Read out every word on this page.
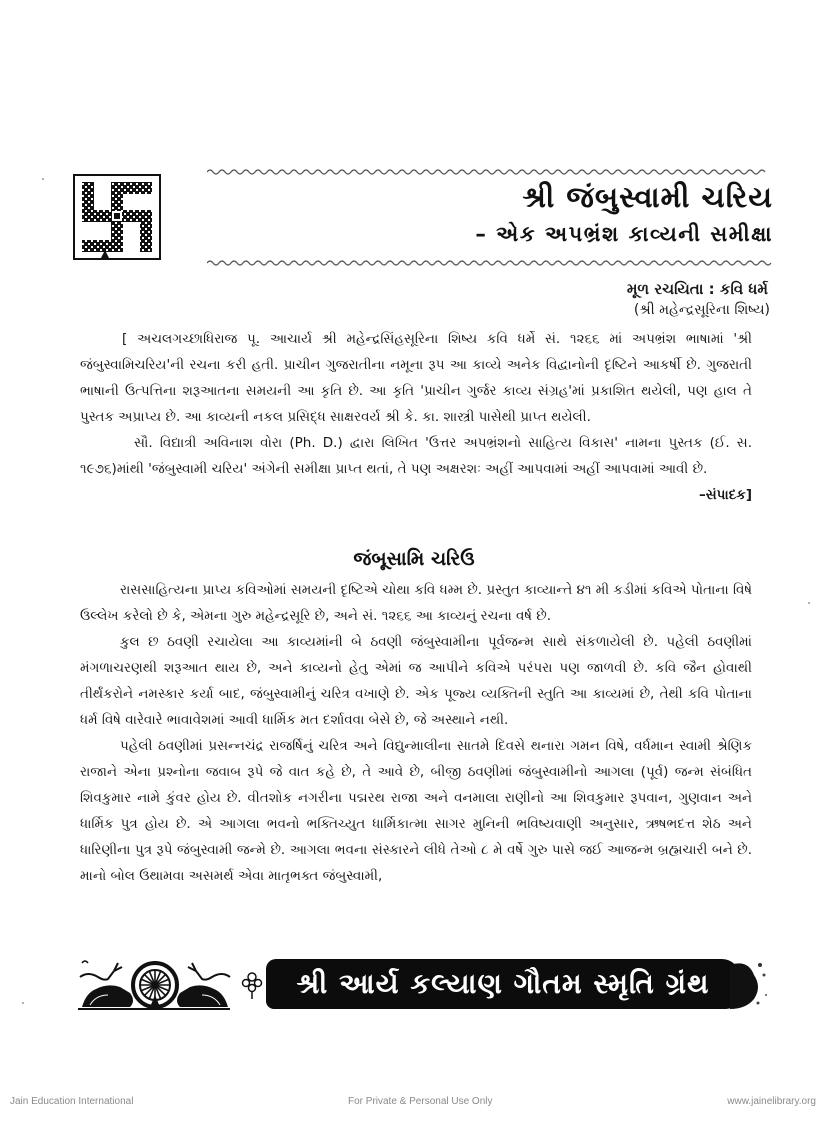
શ્રી જંબુસ્વામી ચરિય
– એક અપભ્રંશ કાવ્યની સમીક્ષા
મૂળ રચયિતા : કવિ ધર્મ
(શ્રી મહેન્દ્રસૂરિના શિષ્ય)

[ અચલગચ્છાધિરાજ પૂ. આચાર્ય શ્રી મહેન્દ્રસિંહસૂરિના શિષ્ય કવિ ધર્મે સં. ૧૨૬૬ માં અપભ્રંશ ભાષામાં 'શ્રી જંબુસ્વામિચરિય'ની રચના કરી હતી. પ્રાચીન ગુજરાતીના નમૂના રૂપ આ કાવ્યે અનેક વિદ્વાનોની દૃષ્ટિને આકર્ષી છે. ગુજરાતી ભાષાની ઉત્પત્તિના શરૂઆતના સમયની આ કૃતિ છે. આ કૃતિ 'પ્રાચીન ગુર્જર કાવ્ય સંગ્રહ'માં પ્રકાશિત થયેલી, પણ હાલ તે પુસ્તક અપ્રાપ્ય છે. આ કાવ્યની નકલ પ્રસિદ્ધ સાક્ષરવર્ય શ્રી કે. કા. શાસ્ત્રી પાસેથી પ્રાપ્ત થયેલી.

સૌ. વિદ્યાત્રી અવિનાશ વોરા (Ph. D.) દ્વારા લિખિત 'ઉત્તર અપભ્રંશનો સાહિત્ય વિકાસ' નામના પુસ્તક (ઈ. સ. ૧૯૭૬)માંથી 'જંબુસ્વામી ચરિય' અંગેની સમીક્ષા પ્રાપ્ત થતાં, તે પણ અક્ષરશઃ અહીં આપવામાં અહીં આપવામાં આવી છે.
–સંપાદક]

જંબૂસામિ ચરિઉ

રાસસાહિત્યના પ્રાપ્ય કવિઓમાં સમયની દૃષ્ટિએ ચોથા કવિ ધમ્મ છે. પ્રસ્તુત કાવ્યાન્તે ૪૧ મી કડીમાં કવિએ પોતાના વિષે ઉલ્લેખ કરેલો છે કે, એમના ગુરુ મહેન્દ્રસૂરિ છે, અને સં. ૧૨૬૬ આ કાવ્યનું રચના વર્ષ છે.

કુલ છ ઠવણી રચાયેલા આ કાવ્યમાંની બે ઠવણી જંબુસ્વામીના પૂર્વજન્મ સાથે સંકળાયેલી છે. પહેલી ઠવણીમાં મંગળાચરણથી શરૂઆત થાય છે, અને કાવ્યનો હેતુ એમાં જ આપીને કવિએ પરંપરા પણ જાળવી છે. કવિ જૈન હોવાથી તીર્થંકરોને નમસ્કાર કર્યા બાદ, જંબુસ્વામીનું ચરિત્ર વખાણે છે. એક પૂજ્ય વ્યક્તિની સ્તુતિ આ કાવ્યમાં છે, તેથી કવિ પોતાના ધર્મ વિષે વારેવારે ભાવાવેશમાં આવી ધાર્મિક મત દર્શાવવા બેસે છે, જે અસ્થાને નથી.

પહેલી ઠવણીમાં પ્રસન્નચંદ્ર રાજર્ષિનું ચરિત્ર અને વિદ્યુન્માલીના સાતમે દિવસે થનારા ગમન વિષે, વર્ધમાન સ્વામી શ્રેણિક રાજાને એના પ્રશ્નોના જવાબ રૂપે જે વાત કહે છે, તે આવે છે, બીજી ઠવણીમાં જંબુસ્વામીનો આગલા (પૂર્વ) જન્મ સંબંધિત શિવકુમાર નામે કુંવર હોય છે. વીતશોક નગરીના પદ્મરથ રાજા અને વનમાલા રાણીનો આ શિવકુમાર રૂપવાન, ગુણવાન અને ધાર્મિક પુત્ર હોય છે. એ આગલા ભવનો ભક્તિચ્યુત ધાર્મિકાત્મા સાગર મુનિની ભવિષ્યવાણી અનુસાર, ઋષભદત્ત શેઠ અને ધારિણીના પુત્ર રૂપે જંબુસ્વામી જન્મે છે. આગલા ભવના સંસ્કારને લીધે તેઓ ૮ મે વર્ષે ગુરુ પાસે જઈ આજન્મ બ્રહ્મચારી બને છે. માનો બોલ ઉથામવા અસમર્થ એવા માતૃભક્ત જંબુસ્વામી,

શ્રી આર્ય કલ્યાણ ગૌતમ સ્મૃતિ ગ્રંથ
Jain Education International	For Private & Personal Use Only	www.jainelibrary.org
